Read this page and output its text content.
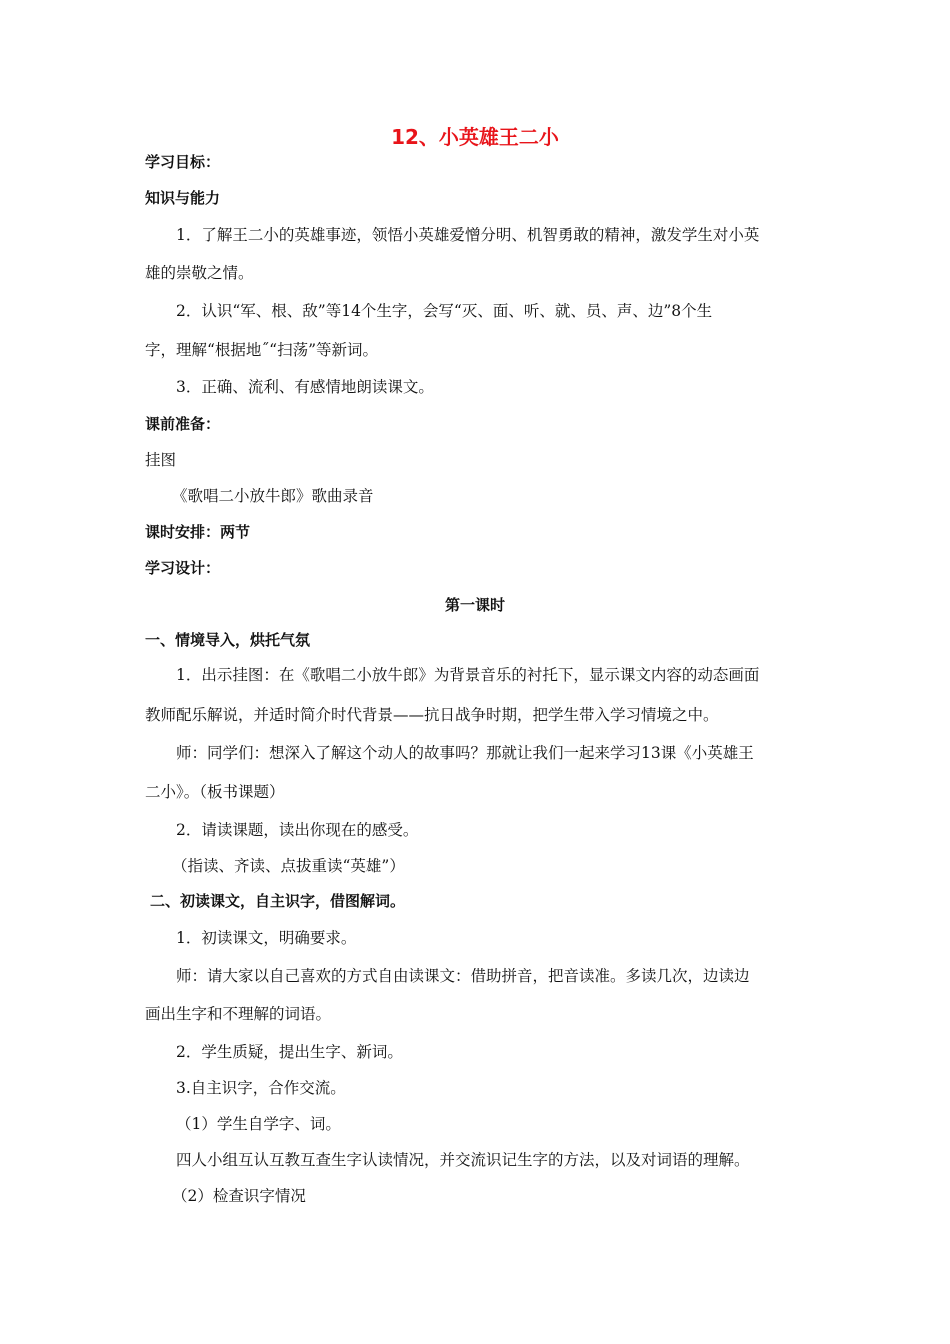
12、小英雄王二小

学习目标：

知识与能力

1．了解王二小的英雄事迹，领悟小英雄爱憎分明、机智勇敢的精神，激发学生对小英

雄的崇敬之情。

2．认识“军、根、敌”等14个生字，会写“灭、面、听、就、员、声、边”8个生

字，理解“根据地˝“扫荡”等新词。

3．正确、流利、有感情地朗读课文。

课前准备：

挂图

《歌唱二小放牛郎》歌曲录音

课时安排：两节

学习设计：

第一课时

一、情境导入，烘托气氛

1．出示挂图：在《歌唱二小放牛郎》为背景音乐的衬托下，显示课文内容的动态画面

教师配乐解说，并适时简介时代背景——抗日战争时期，把学生带入学习情境之中。

师：同学们：想深入了解这个动人的故事吗？那就让我们一起来学习13课《小英雄王

二小》。（板书课题）

2．请读课题，读出你现在的感受。

（指读、齐读、点拔重读“英雄”）

二、初读课文，自主识字，借图解词。

1．初读课文，明确要求。

师：请大家以自己喜欢的方式自由读课文：借助拼音，把音读准。多读几次，边读边

画出生字和不理解的词语。

2．学生质疑，提出生字、新词。

3.自主识字，合作交流。

（1）学生自学字、词。

四人小组互认互教互查生字认读情况，并交流识记生字的方法，以及对词语的理解。

（2）检查识字情况
